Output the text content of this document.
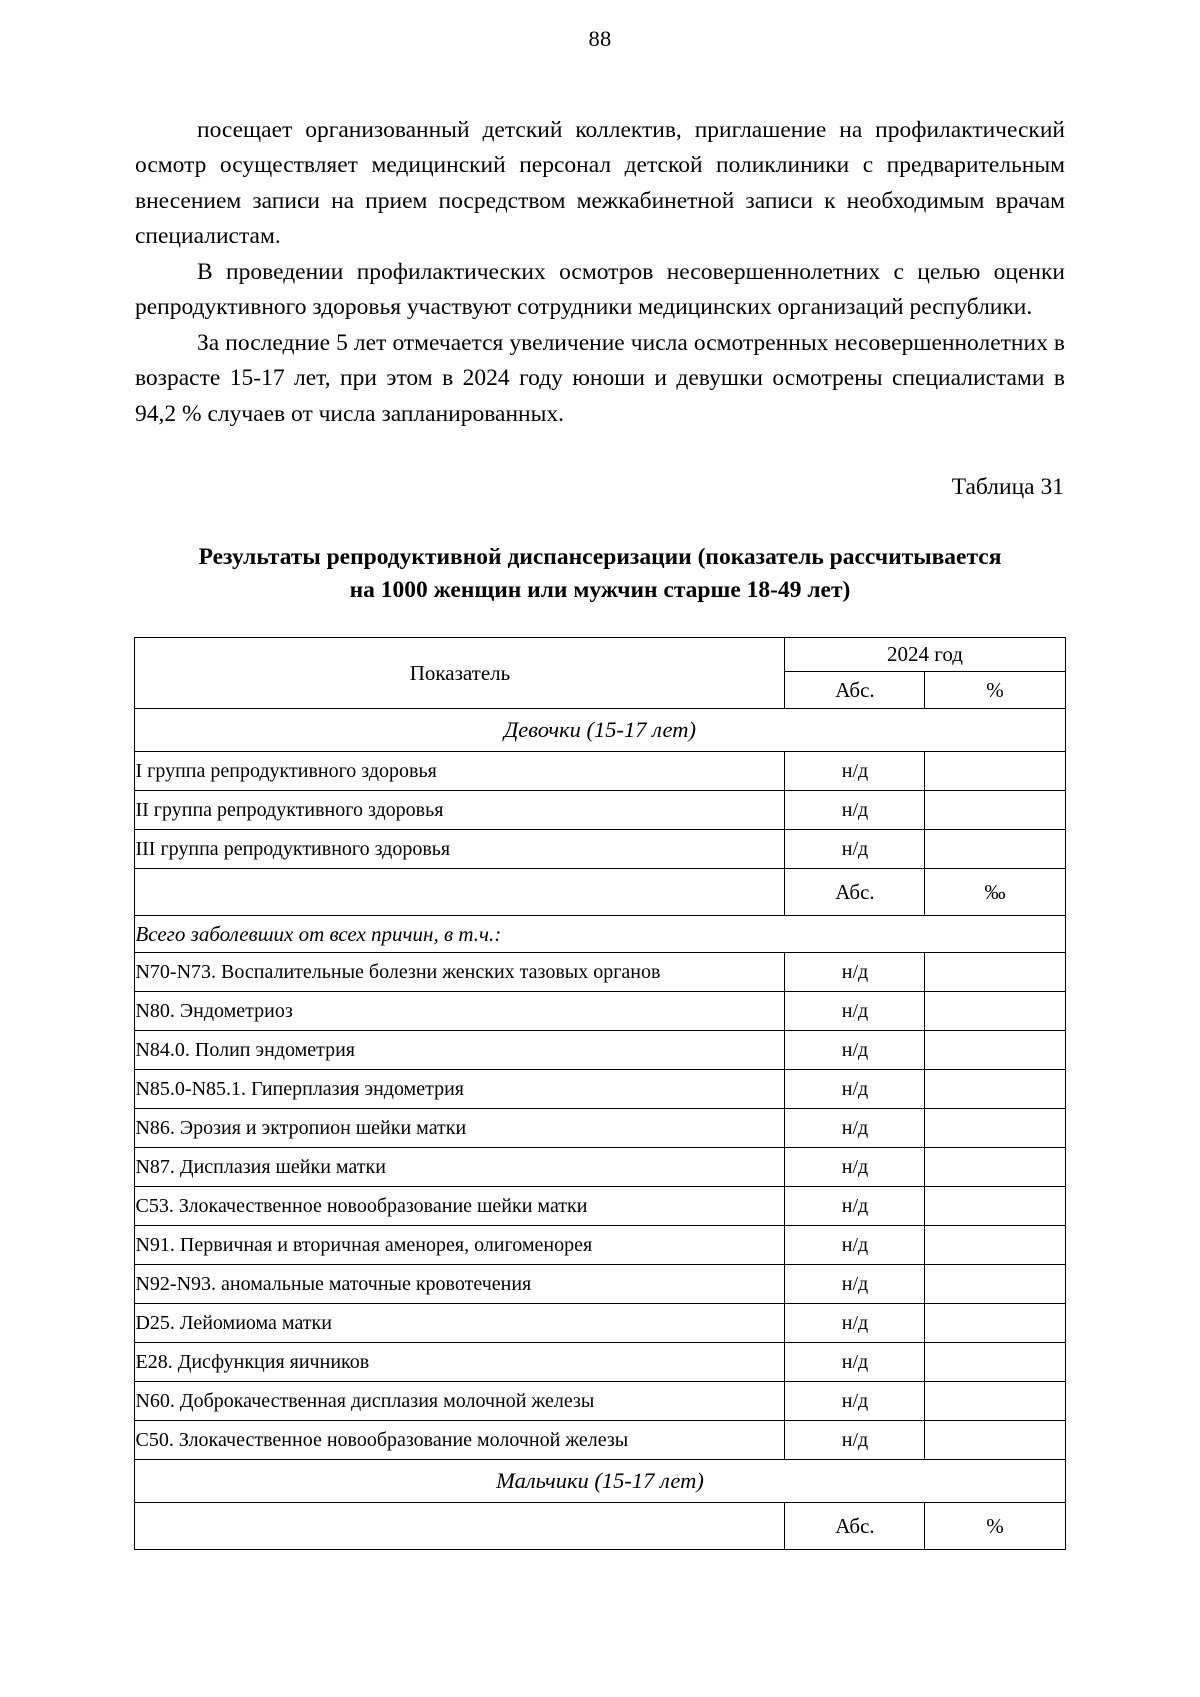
88

посещает организованный детский коллектив, приглашение на профилактический осмотр осуществляет медицинский персонал детской поликлиники с предварительным внесением записи на прием посредством межкабинетной записи к необходимым врачам специалистам.

В проведении профилактических осмотров несовершеннолетних с целью оценки репродуктивного здоровья участвуют сотрудники медицинских организаций республики.

За последние 5 лет отмечается увеличение числа осмотренных несовершеннолетних в возрасте 15-17 лет, при этом в 2024 году юноши и девушки осмотрены специалистами в 94,2 % случаев от числа запланированных.

Таблица 31
Результаты репродуктивной диспансеризации (показатель рассчитывается на 1000 женщин или мужчин старше 18-49 лет)
Показатель	2024 год	
	Абс.	%
Девочки (15-17 лет)		
I группа репродуктивного здоровья	н/д	
II группа репродуктивного здоровья	н/д	
III группа репродуктивного здоровья	н/д	
	Абс.	‰
Всего заболевших от всех причин, в т.ч.:		
N70-N73. Воспалительные болезни женских тазовых органов	н/д	
N80. Эндометриоз	н/д	
N84.0. Полип эндометрия	н/д	
N85.0-N85.1. Гиперплазия эндометрия	н/д	
N86. Эрозия и эктропион шейки матки	н/д	
N87. Дисплазия шейки матки	н/д	
C53. Злокачественное новообразование шейки матки	н/д	
N91. Первичная и вторичная аменорея, олигоменорея	н/д	
N92-N93. аномальные маточные кровотечения	н/д	
D25. Лейомиома матки	н/д	
E28. Дисфункция яичников	н/д	
N60. Доброкачественная дисплазия молочной железы	н/д	
C50. Злокачественное новообразование молочной железы	н/д	
Мальчики (15-17 лет)		
	Абс.	%
